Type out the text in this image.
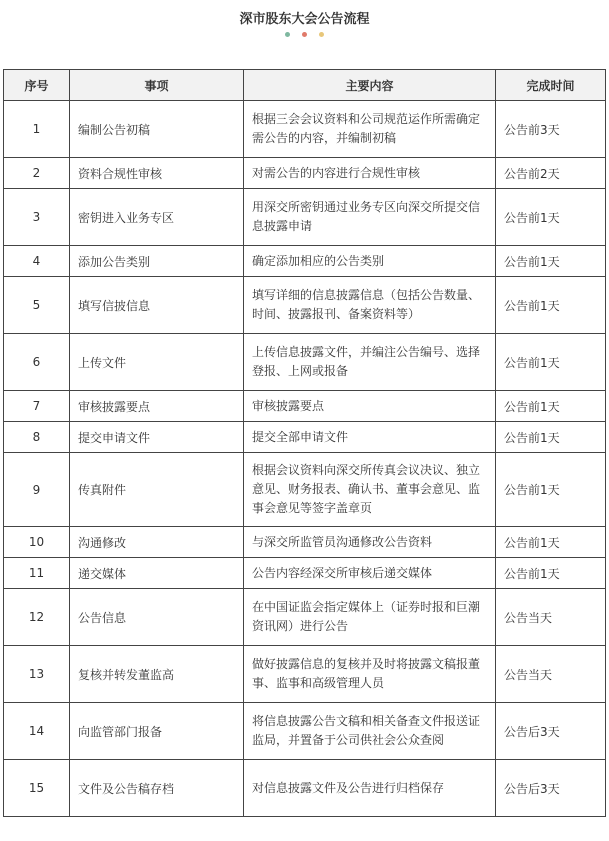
深市股东大会公告流程
序号	事项	主要内容	完成时间
1	编制公告初稿	根据三会会议资料和公司规范运作所需确定需公告的内容，并编制初稿	公告前3天
2	资料合规性审核	对需公告的内容进行合规性审核	公告前2天
3	密钥进入业务专区	用深交所密钥通过业务专区向深交所提交信息披露申请	公告前1天
4	添加公告类别	确定添加相应的公告类别	公告前1天
5	填写信披信息	填写详细的信息披露信息（包括公告数量、时间、披露报刊、备案资料等）	公告前1天
6	上传文件	上传信息披露文件，并编注公告编号、选择登报、上网或报备	公告前1天
7	审核披露要点	审核披露要点	公告前1天
8	提交申请文件	提交全部申请文件	公告前1天
9	传真附件	根据会议资料向深交所传真会议决议、独立意见、财务报表、确认书、董事会意见、监事会意见等签字盖章页	公告前1天
10	沟通修改	与深交所监管员沟通修改公告资料	公告前1天
11	递交媒体	公告内容经深交所审核后递交媒体	公告前1天
12	公告信息	在中国证监会指定媒体上（证券时报和巨潮资讯网）进行公告	公告当天
13	复核并转发董监高	做好披露信息的复核并及时将披露文稿报董事、监事和高级管理人员	公告当天
14	向监管部门报备	将信息披露公告文稿和相关备查文件报送证监局，并置备于公司供社会公众查阅	公告后3天
15	文件及公告稿存档	对信息披露文件及公告进行归档保存	公告后3天
